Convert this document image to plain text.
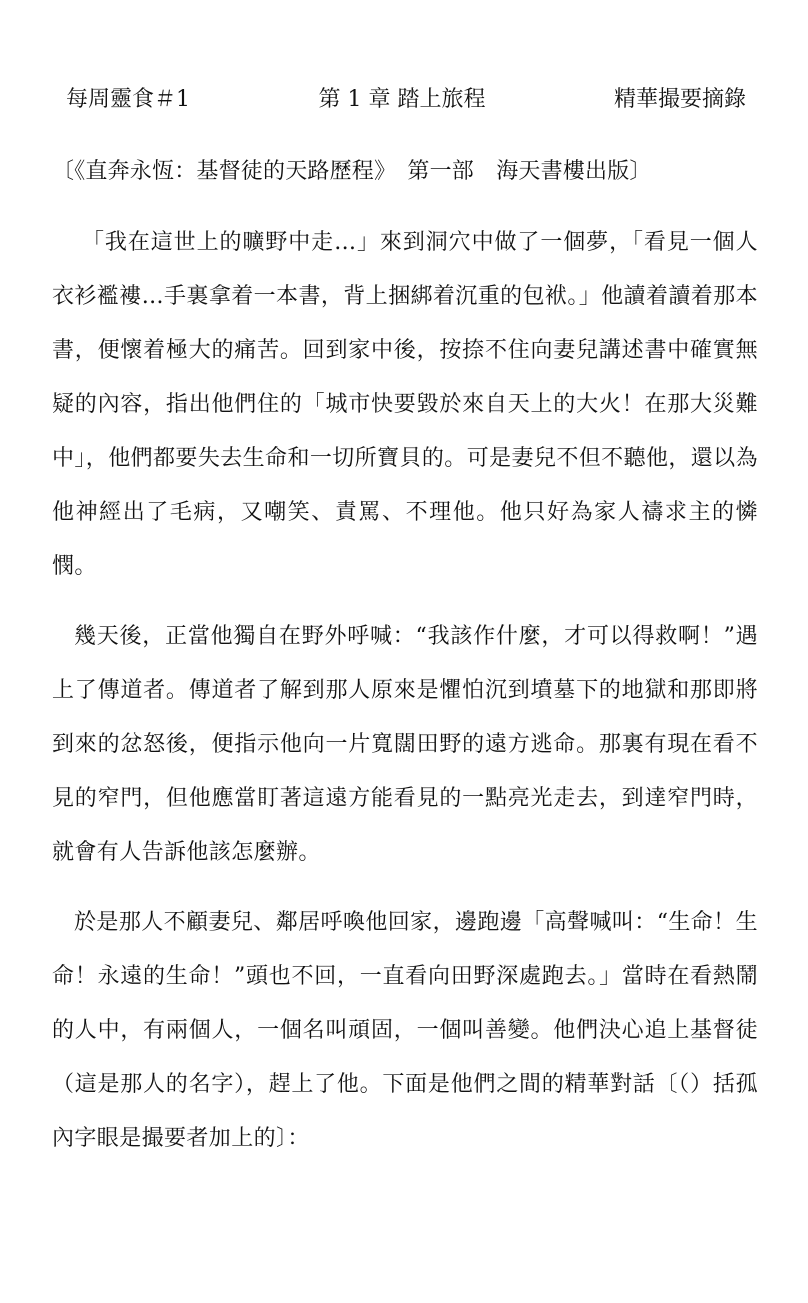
每周靈食＃1	第 1 章 踏上旅程	精華撮要摘錄
〔《直奔永恆：基督徒的天路歷程》　第一部　海天書樓出版〕

「我在這世上的曠野中走…」來到洞穴中做了一個夢，「看見一個人衣衫襤褸…手裏拿着一本書，背上捆綁着沉重的包袱。」他讀着讀着那本書，便懷着極大的痛苦。回到家中後，按捺不住向妻兒講述書中確實無疑的內容，指出他們住的「城市快要毀於來自天上的大火！在那大災難中」，他們都要失去生命和一切所寶貝的。可是妻兒不但不聽他，還以為他神經出了毛病，又嘲笑、責罵、不理他。他只好為家人禱求主的憐憫。

幾天後，正當他獨自在野外呼喊：“我該作什麼，才可以得救啊！”遇上了傳道者。傳道者了解到那人原來是懼怕沉到墳墓下的地獄和那即將到來的忿怒後，便指示他向一片寬闊田野的遠方逃命。那裏有現在看不見的窄門，但他應當盯著這遠方能看見的一點亮光走去，到達窄門時，就會有人告訴他該怎麼辦。

於是那人不顧妻兒、鄰居呼喚他回家，邊跑邊「高聲喊叫：“生命！生命！永遠的生命！”頭也不回，一直看向田野深處跑去。」當時在看熱鬧的人中，有兩個人，一個名叫頑固，一個叫善變。他們決心追上基督徒（這是那人的名字），趕上了他。下面是他們之間的精華對話〔（）括孤內字眼是撮要者加上的〕：
